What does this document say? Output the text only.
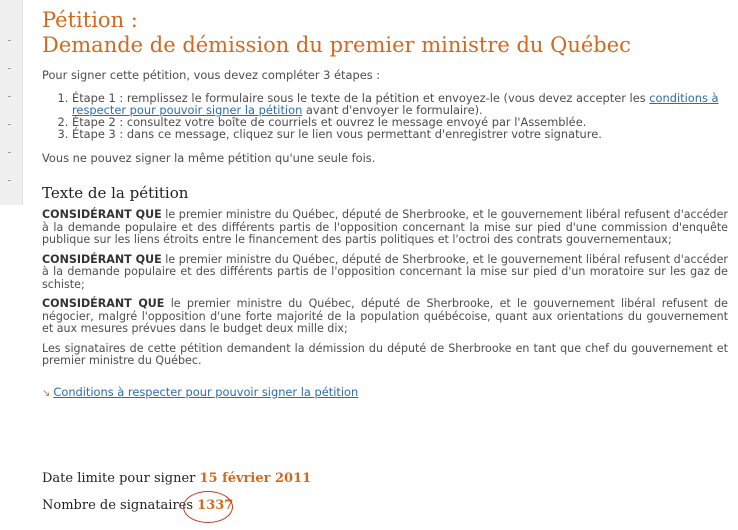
Pétition :
Demande de démission du premier ministre du Québec

Pour signer cette pétition, vous devez compléter 3 étapes :

1. Étape 1 : remplissez le formulaire sous le texte de la pétition et envoyez-le (vous devez accepter les conditions à respecter pour pouvoir signer la pétition avant d'envoyer le formulaire).
2. Étape 2 : consultez votre boîte de courriels et ouvrez le message envoyé par l'Assemblée.
3. Étape 3 : dans ce message, cliquez sur le lien vous permettant d'enregistrer votre signature.

Vous ne pouvez signer la même pétition qu'une seule fois.

Texte de la pétition

CONSIDÉRANT QUE le premier ministre du Québec, député de Sherbrooke, et le gouvernement libéral refusent d'accéder à la demande populaire et des différents partis de l'opposition concernant la mise sur pied d'une commission d'enquête publique sur les liens étroits entre le financement des partis politiques et l'octroi des contrats gouvernementaux;

CONSIDÉRANT QUE le premier ministre du Québec, député de Sherbrooke, et le gouvernement libéral refusent d'accéder à la demande populaire et des différents partis de l'opposition concernant la mise sur pied d'un moratoire sur les gaz de schiste;

CONSIDÉRANT QUE le premier ministre du Québec, député de Sherbrooke, et le gouvernement libéral refusent de négocier, malgré l'opposition d'une forte majorité de la population québécoise, quant aux orientations du gouvernement et aux mesures prévues dans le budget deux mille dix;

Les signataires de cette pétition demandent la démission du député de Sherbrooke en tant que chef du gouvernement et premier ministre du Québec.

↘ Conditions à respecter pour pouvoir signer la pétition

Date limite pour signer 15 février 2011
Nombre de signataires 1337
